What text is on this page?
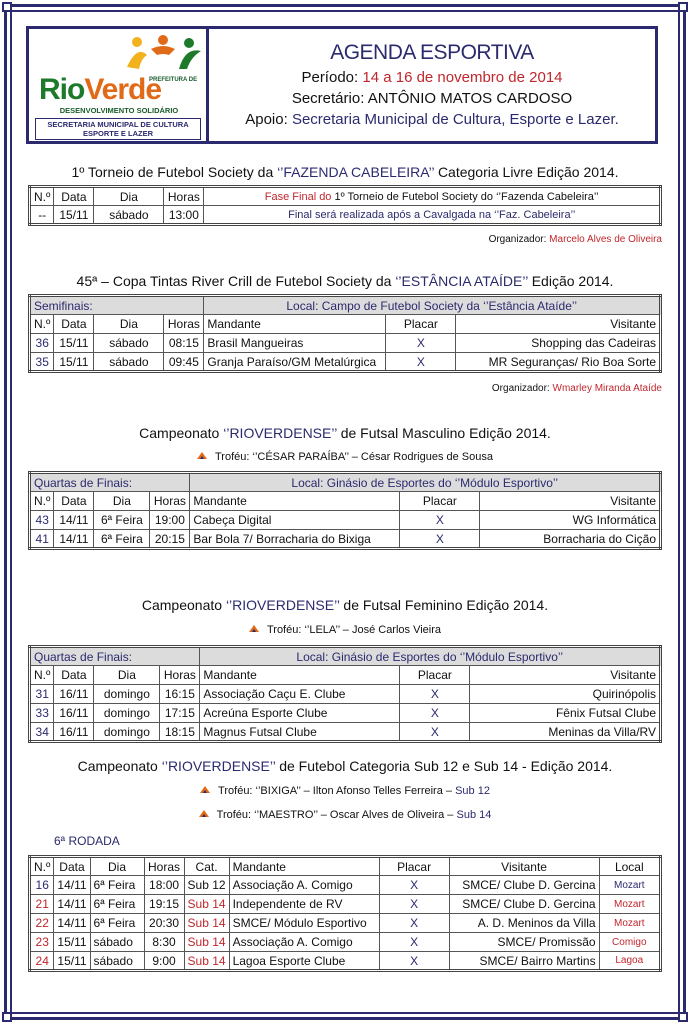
PREFEITURA DE
RioVerde
DESENVOLVIMENTO SOLIDÁRIO
SECRETARIA MUNICIPAL DE CULTURA
ESPORTE E LAZER
AGENDA ESPORTIVA
Período: 14 a 16 de novembro de 2014
Secretário: ANTÔNIO MATOS CARDOSO
Apoio: Secretaria Municipal de Cultura, Esporte e Lazer.
1º Torneio de Futebol Society da ‘’FAZENDA CABELEIRA’’ Categoria Livre Edição 2014.
N.º	Data	Dia	Horas	Fase Final do 1º Torneio de Futebol Society do ‘’Fazenda Cabeleira’’
--	15/11	sábado	13:00	Final será realizada após a Cavalgada na ‘’Faz. Cabeleira’’
Organizador: Marcelo Alves de Oliveira
45ª – Copa Tintas River Crill de Futebol Society da ‘’ESTÂNCIA ATAÍDE’’ Edição 2014.
Semifinais:				Local: Campo de Futebol Society da ‘’Estância Ataíde’’		
N.º	Data	Dia	Horas	Mandante	Placar	Visitante
36	15/11	sábado	08:15	Brasil Mangueiras	X	Shopping das Cadeiras
35	15/11	sábado	09:45	Granja Paraíso/GM Metalúrgica	X	MR Seguranças/ Rio Boa Sorte
Organizador: Wmarley Miranda Ataíde
Campeonato ‘’RIOVERDENSE’’ de Futsal Masculino Edição 2014.
Troféu: ‘’CÉSAR PARAÍBA’’ – César Rodrigues de Sousa
Quartas de Finais:				Local: Ginásio de Esportes do ‘’Módulo Esportivo’’		
N.º	Data	Dia	Horas	Mandante	Placar	Visitante
43	14/11	6ª Feira	19:00	Cabeça Digital	X	WG Informática
41	14/11	6ª Feira	20:15	Bar Bola 7/ Borracharia do Bixiga	X	Borracharia do Cição
Campeonato ‘’RIOVERDENSE’’ de Futsal Feminino Edição 2014.
Troféu: ‘’LELA’’ – José Carlos Vieira
Quartas de Finais:				Local: Ginásio de Esportes do ‘’Módulo Esportivo’’		
N.º	Data	Dia	Horas	Mandante	Placar	Visitante
31	16/11	domingo	16:15	Associação Caçu E. Clube	X	Quirinópolis
33	16/11	domingo	17:15	Acreúna Esporte Clube	X	Fênix Futsal Clube
34	16/11	domingo	18:15	Magnus Futsal Clube	X	Meninas da Villa/RV
Campeonato ‘’RIOVERDENSE’’ de Futebol Categoria Sub 12 e Sub 14 - Edição 2014.
Troféu: ‘’BIXIGA’’ – Ilton Afonso Telles Ferreira – Sub 12
Troféu: ‘’MAESTRO’’ – Oscar Alves de Oliveira – Sub 14
6ª RODADA
N.º	Data	Dia	Horas	Cat.	Mandante	Placar	Visitante	Local
16	14/11	6ª Feira	18:00	Sub 12	Associação A. Comigo	X	SMCE/ Clube D. Gercina	Mozart
21	14/11	6ª Feira	19:15	Sub 14	Independente de RV	X	SMCE/ Clube D. Gercina	Mozart
22	14/11	6ª Feira	20:30	Sub 14	SMCE/ Módulo Esportivo	X	A. D. Meninos da Villa	Mozart
23	15/11	sábado	8:30	Sub 14	Associação A. Comigo	X	SMCE/ Promissão	Comigo
24	15/11	sábado	9:00	Sub 14	Lagoa Esporte Clube	X	SMCE/ Bairro Martins	Lagoa
